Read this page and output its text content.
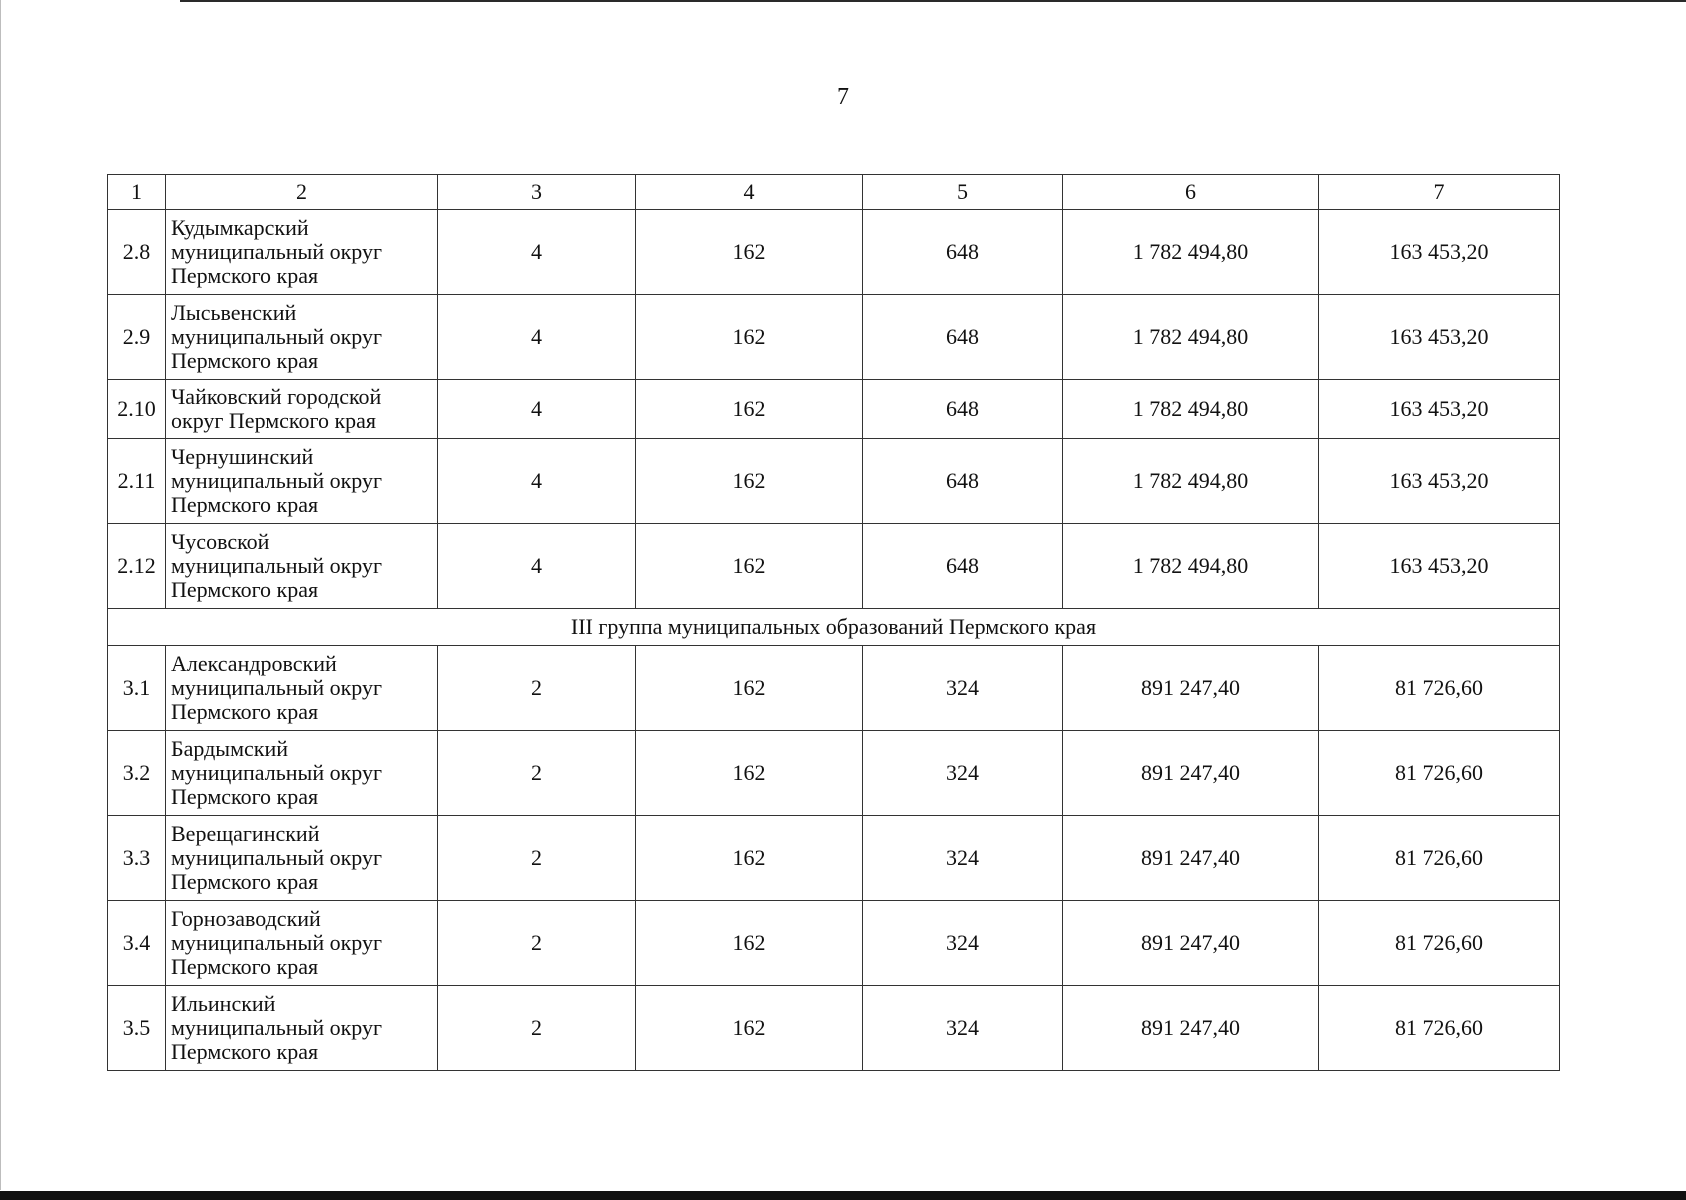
7
1	2	3	4	5	6	7
2.8	Кудымкарский
муниципальный округ
Пермского края	4	162	648	1 782 494,80	163 453,20
2.9	Лысьвенский
муниципальный округ
Пермского края	4	162	648	1 782 494,80	163 453,20
2.10	Чайковский городской
округ Пермского края	4	162	648	1 782 494,80	163 453,20
2.11	Чернушинский
муниципальный округ
Пермского края	4	162	648	1 782 494,80	163 453,20
2.12	Чусовской
муниципальный округ
Пермского края	4	162	648	1 782 494,80	163 453,20
III группа муниципальных образований Пермского края						
3.1	Александровский
муниципальный округ
Пермского края	2	162	324	891 247,40	81 726,60
3.2	Бардымский
муниципальный округ
Пермского края	2	162	324	891 247,40	81 726,60
3.3	Верещагинский
муниципальный округ
Пермского края	2	162	324	891 247,40	81 726,60
3.4	Горнозаводский
муниципальный округ
Пермского края	2	162	324	891 247,40	81 726,60
3.5	Ильинский
муниципальный округ
Пермского края	2	162	324	891 247,40	81 726,60
